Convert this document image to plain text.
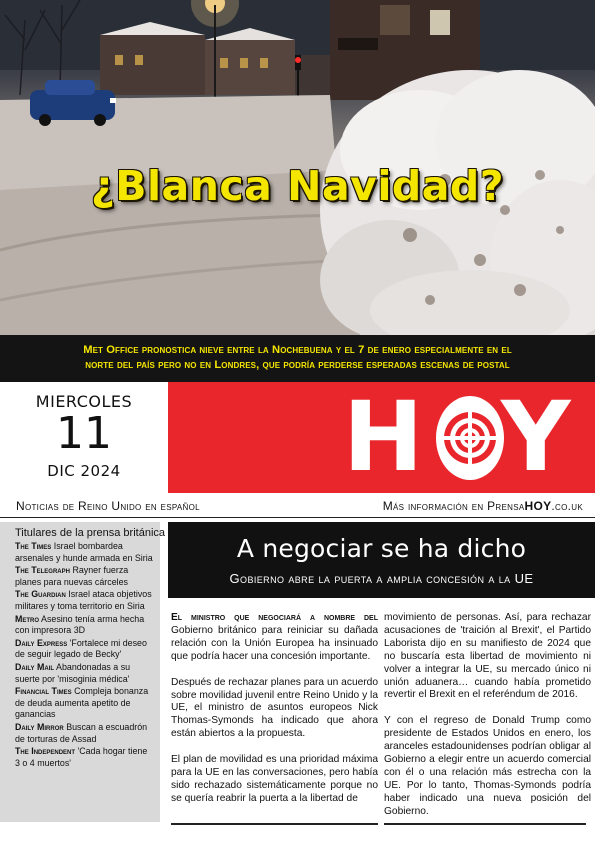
¿Blanca Navidad?
Met Office pronostica nieve entre la Nochebuena y el 7 de enero especialmente en el
norte del país pero no en Londres, que podría perderse esperadas escenas de postal
MIERCOLES
11
DIC 2024	H Y
Noticias de Reino Unido en español	Más información en PrensaHOY.co.uk
Titulares de la prensa británica
The Times Israel bombardea arsenales y hunde armada en Siria
The Telegraph Rayner fuerza planes para nuevas cárceles
The Guardian Israel ataca objetivos militares y toma territorio en Siria
Metro Asesino tenía arma hecha con impresora 3D
Daily Express 'Fortalece mi deseo de seguir legado de Becky'
Daily Mail Abandonadas a su suerte por 'misoginia médica'
Financial Times Compleja bonanza de deuda aumenta apetito de ganancias
Daily Mirror Buscan a escuadrón de torturas de Assad
The Independent 'Cada hogar tiene 3 o 4 muertos'
A negociar se ha dicho
Gobierno abre la puerta a amplia concesión a la UE

El ministro que negociará a nombre del Gobierno británico para reiniciar su dañada relación con la Unión Europea ha insinuado que podría hacer una concesión importante.

Después de rechazar planes para un acuerdo sobre movilidad juvenil entre Reino Unido y la UE, el ministro de asuntos europeos Nick Thomas-Symonds ha indicado que ahora están abiertos a la propuesta.

El plan de movilidad es una prioridad máxima para la UE en las conversaciones, pero había sido rechazado sistemáticamente porque no se quería reabrir la puerta a la libertad de

movimiento de personas. Así, para rechazar acusaciones de 'traición al Brexit', el Partido Laborista dijo en su manifiesto de 2024 que no buscaría esta libertad de movimiento ni volver a integrar la UE, su mercado único ni unión aduanera… cuando había prometido revertir el Brexit en el referéndum de 2016.

Y con el regreso de Donald Trump como presidente de Estados Unidos en enero, los aranceles estadounidenses podrían obligar al Gobierno a elegir entre un acuerdo comercial con él o una relación más estrecha con la UE. Por lo tanto, Thomas-Symonds podría haber indicado una nueva posición del Gobierno.
